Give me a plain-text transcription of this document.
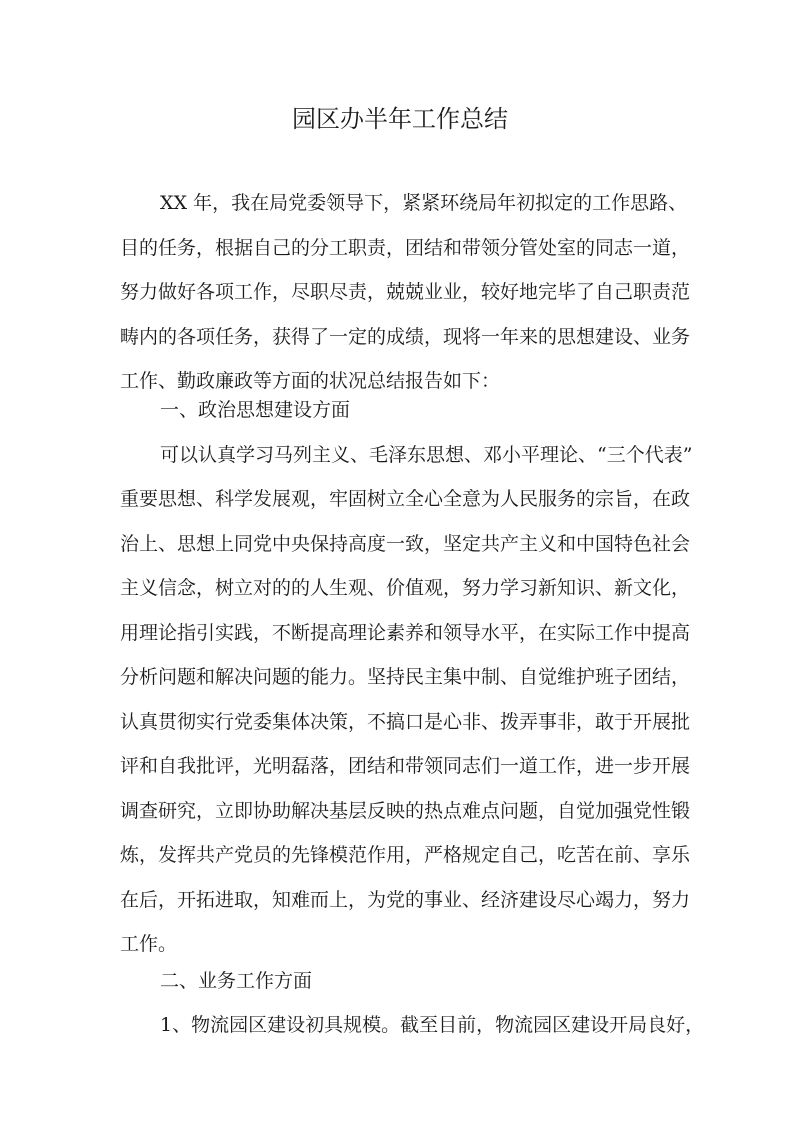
园区办半年工作总结

XX 年，我在局党委领导下，紧紧环绕局年初拟定的工作思路、

目的任务，根据自己的分工职责，团结和带领分管处室的同志一道，

努力做好各项工作，尽职尽责，兢兢业业，较好地完毕了自己职责范

畴内的各项任务，获得了一定的成绩，现将一年来的思想建设、业务

工作、勤政廉政等方面的状况总结报告如下：

一、政治思想建设方面

可以认真学习马列主义、毛泽东思想、邓小平理论、“三个代表”

重要思想、科学发展观，牢固树立全心全意为人民服务的宗旨，在政

治上、思想上同党中央保持高度一致，坚定共产主义和中国特色社会

主义信念，树立对的的人生观、价值观，努力学习新知识、新文化，

用理论指引实践，不断提高理论素养和领导水平，在实际工作中提高

分析问题和解决问题的能力。坚持民主集中制、自觉维护班子团结，

认真贯彻实行党委集体决策，不搞口是心非、拨弄事非，敢于开展批

评和自我批评，光明磊落，团结和带领同志们一道工作，进一步开展

调查研究，立即协助解决基层反映的热点难点问题，自觉加强党性锻

炼，发挥共产党员的先锋模范作用，严格规定自己，吃苦在前、享乐

在后，开拓进取，知难而上，为党的事业、经济建设尽心竭力，努力

工作。

二、业务工作方面

1、物流园区建设初具规模。截至目前，物流园区建设开局良好，
